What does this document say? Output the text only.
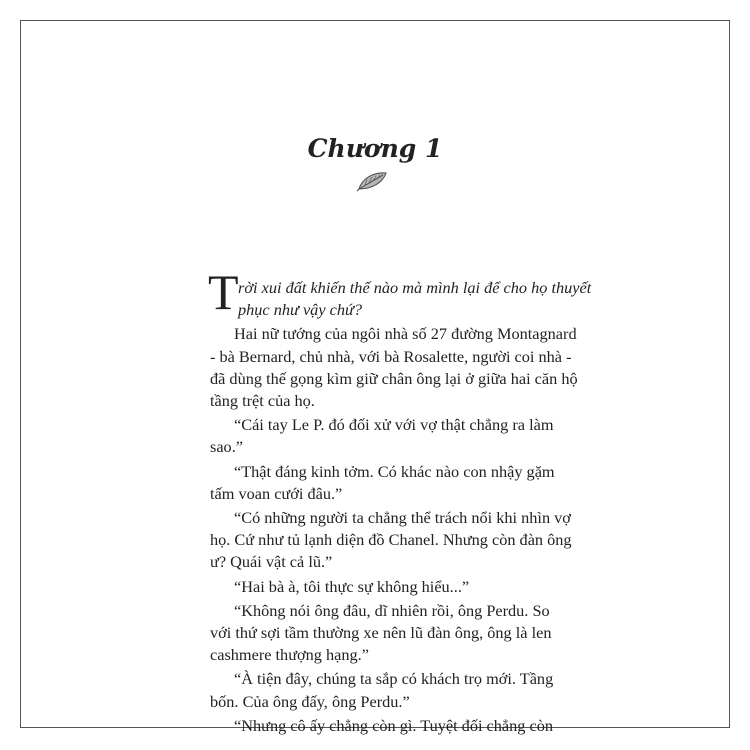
Chương 1
T rời xui đất khiến thế nào mà mình lại để cho họ thuyết
phục như vậy chứ?

Hai nữ tướng của ngôi nhà số 27 đường Montagnard
- bà Bernard, chủ nhà, với bà Rosalette, người coi nhà -
đã dùng thế gọng kìm giữ chân ông lại ở giữa hai căn hộ
tầng trệt của họ.

“Cái tay Le P. đó đối xử với vợ thật chẳng ra làm
sao.”

“Thật đáng kinh tởm. Có khác nào con nhậy gặm
tấm voan cưới đâu.”

“Có những người ta chẳng thể trách nổi khi nhìn vợ
họ. Cứ như tủ lạnh diện đồ Chanel. Nhưng còn đàn ông
ư? Quái vật cả lũ.”

“Hai bà à, tôi thực sự không hiểu...”

“Không nói ông đâu, dĩ nhiên rồi, ông Perdu. So
với thứ sợi tầm thường xe nên lũ đàn ông, ông là len
cashmere thượng hạng.”

“À tiện đây, chúng ta sắp có khách trọ mới. Tầng
bốn. Của ông đấy, ông Perdu.”

“Nhưng cô ấy chẳng còn gì. Tuyệt đối chẳng còn
